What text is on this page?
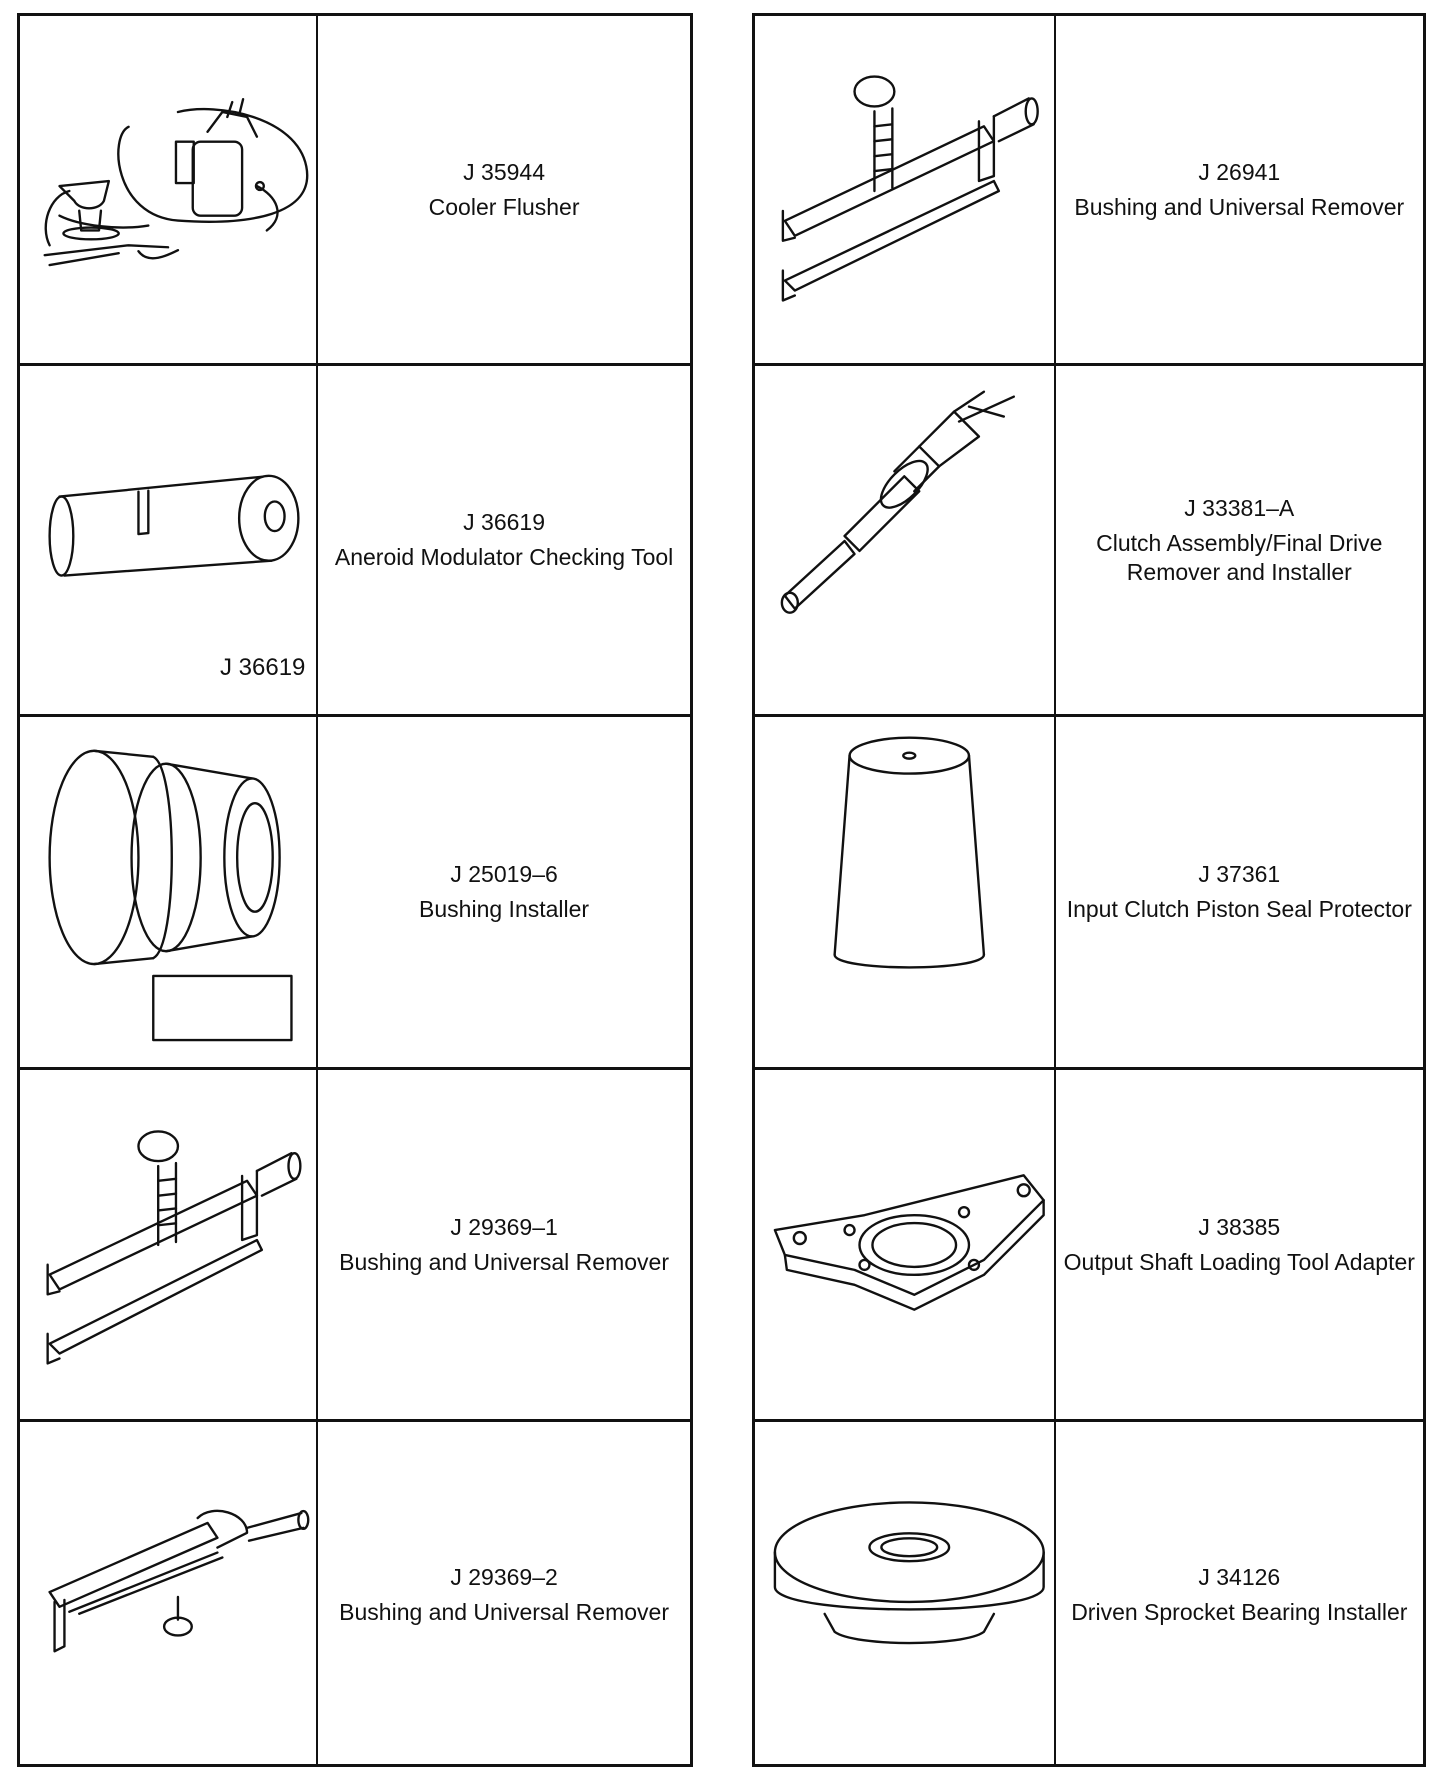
J 35944
Cooler Flusher
J 36619
J 36619
Aneroid Modulator Checking Tool
J 25019–6
Bushing Installer
J 29369–1
Bushing and Universal Remover
J 29369–2
Bushing and Universal Remover
J 26941
Bushing and Universal Remover
J 33381–A
Clutch Assembly/Final Drive Remover and Installer
J 37361
Input Clutch Piston Seal Protector
J 38385
Output Shaft Loading Tool Adapter
J 34126
Driven Sprocket Bearing Installer
